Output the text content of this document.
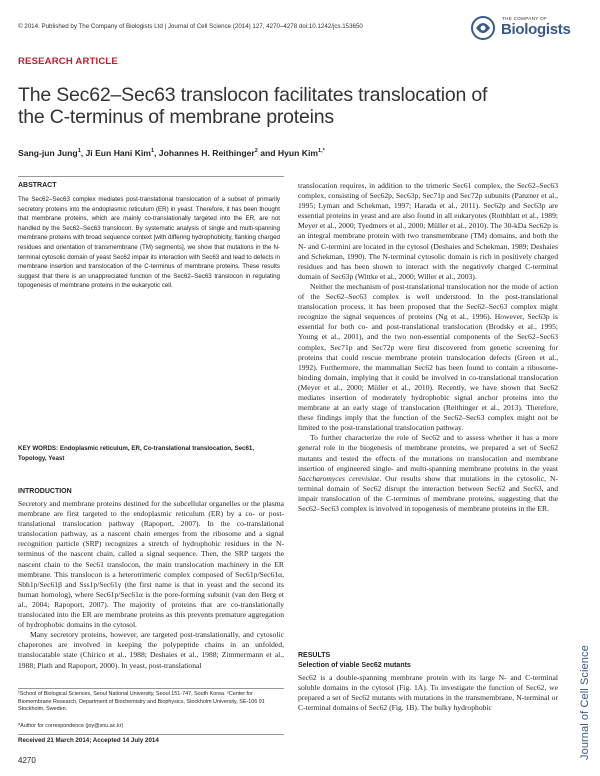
© 2014. Published by The Company of Biologists Ltd | Journal of Cell Science (2014) 127, 4270–4278 doi:10.1242/jcs.153650
THE COMPANY OF
Biologists
RESEARCH ARTICLE
The Sec62–Sec63 translocon facilitates translocation of the C-terminus of membrane proteins
Sang-jun Jung$^1$, Ji Eun Hani Kim$^1$, Johannes H. Reithinger$^2$ and Hyun Kim$^{1,*}$
ABSTRACT
The Sec62–Sec63 complex mediates post-translational translocation of a subset of primarily secretory proteins into the endoplasmic reticulum (ER) in yeast. Therefore, it has been thought that membrane proteins, which are mainly co-translationally targeted into the ER, are not handled by the Sec62–Sec63 translocon. By systematic analysis of single and multi-spanning membrane proteins with broad sequence context [with differing hydrophobicity, flanking charged residues and orientation of transmembrane (TM) segments], we show that mutations in the N-terminal cytosolic domain of yeast Sec62 impair its interaction with Sec63 and lead to defects in membrane insertion and translocation of the C-terminus of membrane proteins. These results suggest that there is an unappreciated function of the Sec62–Sec63 translocon in regulating topogenesis of membrane proteins in the eukaryotic cell.
KEY WORDS: Endoplasmic reticulum, ER, Co-translational translocation, Sec61, Topology, Yeast
INTRODUCTION

Secretory and membrane proteins destined for the subcellular organelles or the plasma membrane are first targeted to the endoplasmic reticulum (ER) by a co- or post-translational translocation pathway (Rapoport, 2007). In the co-translational translocation pathway, as a nascent chain emerges from the ribosome and a signal recognition particle (SRP) recognizes a stretch of hydrophobic residues in the N-terminus of the nascent chain, called a signal sequence. Then, the SRP targets the nascent chain to the Sec61 translocon, the main translocation machinery in the ER membrane. This translocon is a heterotrimeric complex composed of Sec61p/Sec61α, Sbh1p/Sec61β and Sss1p/Sec61γ (the first name is that in yeast and the second its human homolog), where Sec61p/Sec61α is the pore-forming subunit (van den Berg et al., 2004; Rapoport, 2007). The majority of proteins that are co-translationally translocated into the ER are membrane proteins as this prevents premature aggregation of hydrophobic domains in the cytosol.

Many secretory proteins, however, are targeted post-translationally, and cytosolic chaperones are involved in keeping the polypeptide chains in an unfolded, translocatable state (Chirico et al., 1988; Deshaies et al., 1988; Zimmermann et al., 1988; Plath and Rapoport, 2000). In yeast, post-translational

translocation requires, in addition to the trimeric Sec61 complex, the Sec62–Sec63 complex, consisting of Sec62p, Sec63p, Sec71p and Sec72p subunits (Panzner et al., 1995; Lyman and Schekman, 1997; Harada et al., 2011). Sec62p and Sec63p are essential proteins in yeast and are also found in all eukaryotes (Rothblatt et al., 1989; Meyer et al., 2000; Tyedmers et al., 2000; Müller et al., 2010). The 30-kDa Sec62p is an integral membrane protein with two transmembrane (TM) domains, and both the N- and C-termini are located in the cytosol (Deshaies and Schekman, 1989; Deshaies and Schekman, 1990). The N-terminal cytosolic domain is rich in positively charged residues and has been shown to interact with the negatively charged C-terminal domain of Sec63p (Wittke et al., 2000; Willer et al., 2003).

Neither the mechanism of post-translational translocation nor the mode of action of the Sec62–Sec63 complex is well understood. In the post-translational translocation process, it has been proposed that the Sec62–Sec63 complex might recognize the signal sequences of proteins (Ng et al., 1996). However, Sec63p is essential for both co- and post-translational translocation (Brodsky et al., 1995; Young et al., 2001), and the two non-essential components of the Sec62–Sec63 complex, Sec71p and Sec72p were first discovered from genetic screening for proteins that could rescue membrane protein translocation defects (Green et al., 1992). Furthermore, the mammalian Sec62 has been found to contain a ribosome-binding domain, implying that it could be involved in co-translational translocation (Meyer et al., 2000; Müller et al., 2010). Recently, we have shown that Sec62 mediates insertion of moderately hydrophobic signal anchor proteins into the membrane at an early stage of translocation (Reithinger et al., 2013). Therefore, these findings imply that the function of the Sec62–Sec63 complex might not be limited to the post-translational translocation pathway.

To further characterize the role of Sec62 and to assess whether it has a more general role in the biogenesis of membrane proteins, we prepared a set of Sec62 mutants and tested the effects of the mutations on translocation and membrane insertion of engineered single- and multi-spanning membrane proteins in the yeast Saccharomyces cerevisiae. Our results show that mutations in the cytosolic, N-terminal domain of Sec62 disrupt the interaction between Sec62 and Sec63, and impair translocation of the C-terminus of membrane proteins, suggesting that the Sec62–Sec63 complex is involved in topogenesis of membrane proteins in the ER.

RESULTS
Selection of viable Sec62 mutants
Sec62 is a double-spanning membrane protein with its large N- and C-terminal soluble domains in the cytosol (Fig. 1A). To investigate the function of Sec62, we prepared a set of Sec62 mutants with mutations in the transmembrane, N-terminal or C-terminal domains of Sec62 (Fig. 1B). The bulky hydrophobic
¹School of Biological Sciences, Seoul National University, Seoul 151-747, South Korea. ²Center for Biomembrane Research, Department of Biochemistry and Biophysics, Stockholm University, SE-106 91 Stockholm, Sweden.
*Author for correspondence (joy@snu.ac.kr)
Received 21 March 2014; Accepted 14 July 2014
4270
Journal of Cell Science
